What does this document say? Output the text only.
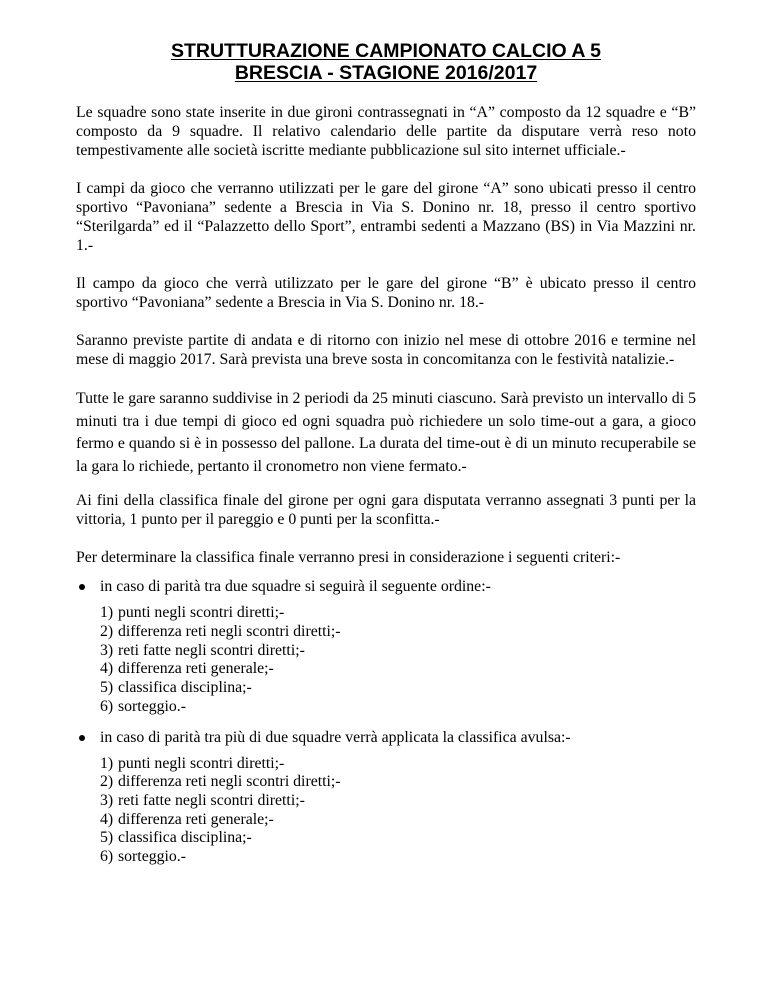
STRUTTURAZIONE CAMPIONATO CALCIO A 5
BRESCIA - STAGIONE 2016/2017

Le squadre sono state inserite in due gironi contrassegnati in “A” composto da 12 squadre e “B” composto da 9 squadre. Il relativo calendario delle partite da disputare verrà reso noto tempestivamente alle società iscritte mediante pubblicazione sul sito internet ufficiale.-

I campi da gioco che verranno utilizzati per le gare del girone “A” sono ubicati presso il centro sportivo “Pavoniana” sedente a Brescia in Via S. Donino nr. 18, presso il centro sportivo “Sterilgarda” ed il “Palazzetto dello Sport”, entrambi sedenti a Mazzano (BS) in Via Mazzini nr. 1.-

Il campo da gioco che verrà utilizzato per le gare del girone “B” è ubicato presso il centro sportivo “Pavoniana” sedente a Brescia in Via S. Donino nr. 18.-

Saranno previste partite di andata e di ritorno con inizio nel mese di ottobre 2016 e termine nel mese di maggio 2017. Sarà prevista una breve sosta in concomitanza con le festività natalizie.-

Tutte le gare saranno suddivise in 2 periodi da 25 minuti ciascuno. Sarà previsto un intervallo di 5 minuti tra i due tempi di gioco ed ogni squadra può richiedere un solo time-out a gara, a gioco fermo e quando si è in possesso del pallone. La durata del time-out è di un minuto recuperabile se la gara lo richiede, pertanto il cronometro non viene fermato.-

Ai fini della classifica finale del girone per ogni gara disputata verranno assegnati 3 punti per la vittoria, 1 punto per il pareggio e 0 punti per la sconfitta.-

Per determinare la classifica finale verranno presi in considerazione i seguenti criteri:-

in caso di parità tra due squadre si seguirà il seguente ordine:-
1) punti negli scontri diretti;-
2) differenza reti negli scontri diretti;-
3) reti fatte negli scontri diretti;-
4) differenza reti generale;-
5) classifica disciplina;-
6) sorteggio.-
in caso di parità tra più di due squadre verrà applicata la classifica avulsa:-
1) punti negli scontri diretti;-
2) differenza reti negli scontri diretti;-
3) reti fatte negli scontri diretti;-
4) differenza reti generale;-
5) classifica disciplina;-
6) sorteggio.-
